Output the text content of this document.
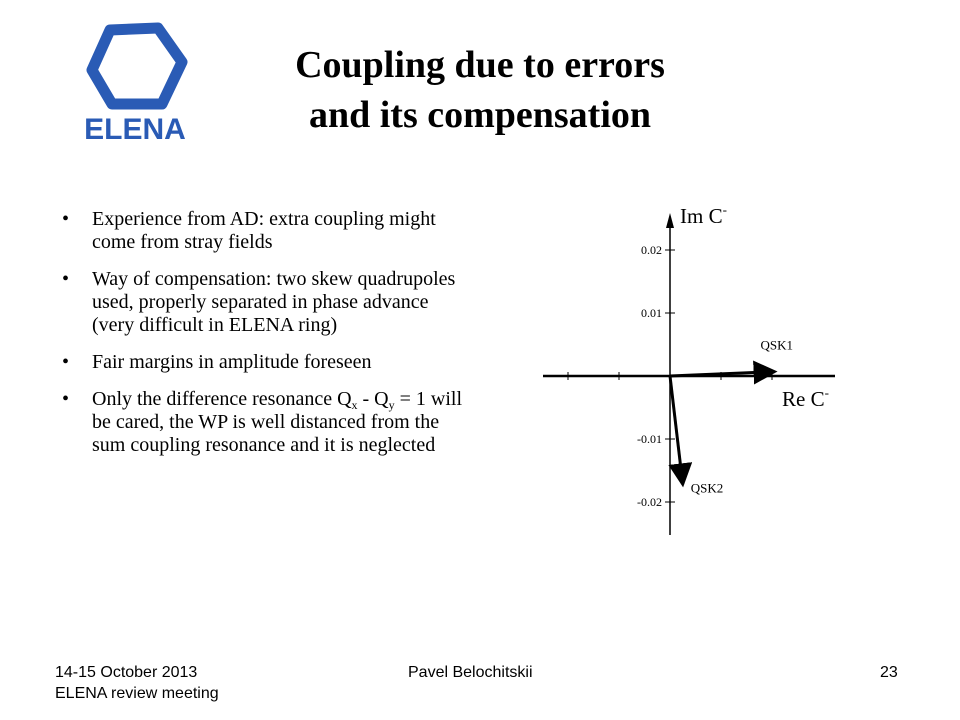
ELENA
Coupling due to errors
and its compensation
• Experience from AD: extra coupling might come from stray fields
• Way of compensation: two skew quadrupoles used, properly separated in phase advance (very difficult in ELENA ring)
• Fair margins in amplitude foreseen
• Only the difference resonance $Q_x - Q_y = 1$ will be cared, the WP is well distanced from the sum coupling resonance and it is neglected
0.02
0.01
-0.01
-0.02
QSK1
QSK2
Im C-
Re C-
14-15 October 2013
ELENA review meeting
Pavel Belochitskii	23
